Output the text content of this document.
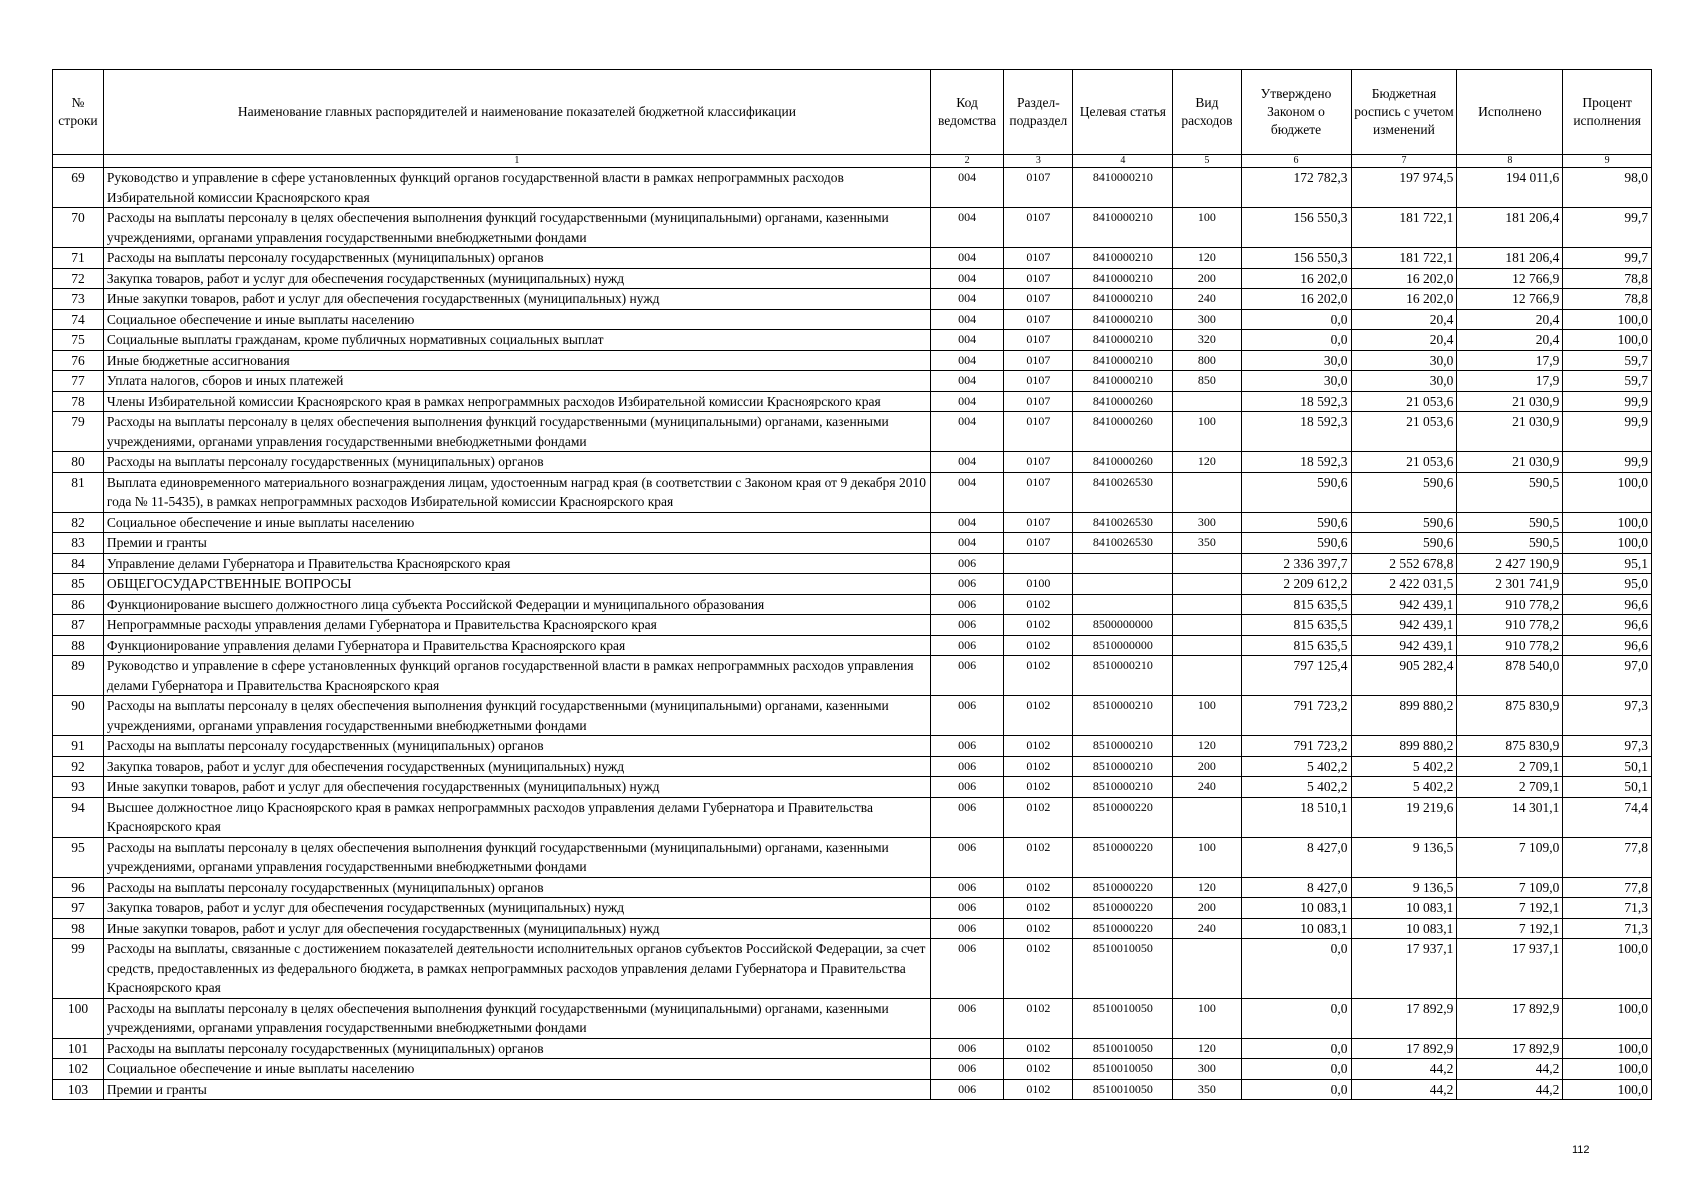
№ строки	Наименование главных распорядителей и наименование показателей бюджетной классификации	Код ведомства	Раздел-подраздел	Целевая статья	Вид расходов	Утверждено Законом о бюджете	Бюджетная роспись с учетом изменений	Исполнено	Процент исполнения
	1	2	3	4	5	6	7	8	9
69	Руководство и управление в сфере установленных функций органов государственной власти в рамках непрограммных расходов Избирательной комиссии Красноярского края	004	0107	8410000210		172 782,3	197 974,5	194 011,6	98,0
70	Расходы на выплаты персоналу в целях обеспечения выполнения функций государственными (муниципальными) органами, казенными учреждениями, органами управления государственными внебюджетными фондами	004	0107	8410000210	100	156 550,3	181 722,1	181 206,4	99,7
71	Расходы на выплаты персоналу государственных (муниципальных) органов	004	0107	8410000210	120	156 550,3	181 722,1	181 206,4	99,7
72	Закупка товаров, работ и услуг для обеспечения государственных (муниципальных) нужд	004	0107	8410000210	200	16 202,0	16 202,0	12 766,9	78,8
73	Иные закупки товаров, работ и услуг для обеспечения государственных (муниципальных) нужд	004	0107	8410000210	240	16 202,0	16 202,0	12 766,9	78,8
74	Социальное обеспечение и иные выплаты населению	004	0107	8410000210	300	0,0	20,4	20,4	100,0
75	Социальные выплаты гражданам, кроме публичных нормативных социальных выплат	004	0107	8410000210	320	0,0	20,4	20,4	100,0
76	Иные бюджетные ассигнования	004	0107	8410000210	800	30,0	30,0	17,9	59,7
77	Уплата налогов, сборов и иных платежей	004	0107	8410000210	850	30,0	30,0	17,9	59,7
78	Члены Избирательной комиссии Красноярского края в рамках непрограммных расходов Избирательной комиссии Красноярского края	004	0107	8410000260		18 592,3	21 053,6	21 030,9	99,9
79	Расходы на выплаты персоналу в целях обеспечения выполнения функций государственными (муниципальными) органами, казенными учреждениями, органами управления государственными внебюджетными фондами	004	0107	8410000260	100	18 592,3	21 053,6	21 030,9	99,9
80	Расходы на выплаты персоналу государственных (муниципальных) органов	004	0107	8410000260	120	18 592,3	21 053,6	21 030,9	99,9
81	Выплата единовременного материального вознаграждения лицам, удостоенным наград края (в соответствии с Законом края от 9 декабря 2010 года № 11-5435), в рамках непрограммных расходов Избирательной комиссии Красноярского края	004	0107	8410026530		590,6	590,6	590,5	100,0
82	Социальное обеспечение и иные выплаты населению	004	0107	8410026530	300	590,6	590,6	590,5	100,0
83	Премии и гранты	004	0107	8410026530	350	590,6	590,6	590,5	100,0
84	Управление делами Губернатора и Правительства Красноярского края	006				2 336 397,7	2 552 678,8	2 427 190,9	95,1
85	ОБЩЕГОСУДАРСТВЕННЫЕ ВОПРОСЫ	006	0100			2 209 612,2	2 422 031,5	2 301 741,9	95,0
86	Функционирование высшего должностного лица субъекта Российской Федерации и муниципального образования	006	0102			815 635,5	942 439,1	910 778,2	96,6
87	Непрограммные расходы управления делами Губернатора и Правительства Красноярского края	006	0102	8500000000		815 635,5	942 439,1	910 778,2	96,6
88	Функционирование управления делами Губернатора и Правительства Красноярского края	006	0102	8510000000		815 635,5	942 439,1	910 778,2	96,6
89	Руководство и управление в сфере установленных функций органов государственной власти в рамках непрограммных расходов управления делами Губернатора и Правительства Красноярского края	006	0102	8510000210		797 125,4	905 282,4	878 540,0	97,0
90	Расходы на выплаты персоналу в целях обеспечения выполнения функций государственными (муниципальными) органами, казенными учреждениями, органами управления государственными внебюджетными фондами	006	0102	8510000210	100	791 723,2	899 880,2	875 830,9	97,3
91	Расходы на выплаты персоналу государственных (муниципальных) органов	006	0102	8510000210	120	791 723,2	899 880,2	875 830,9	97,3
92	Закупка товаров, работ и услуг для обеспечения государственных (муниципальных) нужд	006	0102	8510000210	200	5 402,2	5 402,2	2 709,1	50,1
93	Иные закупки товаров, работ и услуг для обеспечения государственных (муниципальных) нужд	006	0102	8510000210	240	5 402,2	5 402,2	2 709,1	50,1
94	Высшее должностное лицо Красноярского края в рамках непрограммных расходов управления делами Губернатора и Правительства Красноярского края	006	0102	8510000220		18 510,1	19 219,6	14 301,1	74,4
95	Расходы на выплаты персоналу в целях обеспечения выполнения функций государственными (муниципальными) органами, казенными учреждениями, органами управления государственными внебюджетными фондами	006	0102	8510000220	100	8 427,0	9 136,5	7 109,0	77,8
96	Расходы на выплаты персоналу государственных (муниципальных) органов	006	0102	8510000220	120	8 427,0	9 136,5	7 109,0	77,8
97	Закупка товаров, работ и услуг для обеспечения государственных (муниципальных) нужд	006	0102	8510000220	200	10 083,1	10 083,1	7 192,1	71,3
98	Иные закупки товаров, работ и услуг для обеспечения государственных (муниципальных) нужд	006	0102	8510000220	240	10 083,1	10 083,1	7 192,1	71,3
99	Расходы на выплаты, связанные с достижением показателей деятельности исполнительных органов субъектов Российской Федерации, за счет средств, предоставленных из федерального бюджета, в рамках непрограммных расходов управления делами Губернатора и Правительства Красноярского края	006	0102	8510010050		0,0	17 937,1	17 937,1	100,0
100	Расходы на выплаты персоналу в целях обеспечения выполнения функций государственными (муниципальными) органами, казенными учреждениями, органами управления государственными внебюджетными фондами	006	0102	8510010050	100	0,0	17 892,9	17 892,9	100,0
101	Расходы на выплаты персоналу государственных (муниципальных) органов	006	0102	8510010050	120	0,0	17 892,9	17 892,9	100,0
102	Социальное обеспечение и иные выплаты населению	006	0102	8510010050	300	0,0	44,2	44,2	100,0
103	Премии и гранты	006	0102	8510010050	350	0,0	44,2	44,2	100,0
112
